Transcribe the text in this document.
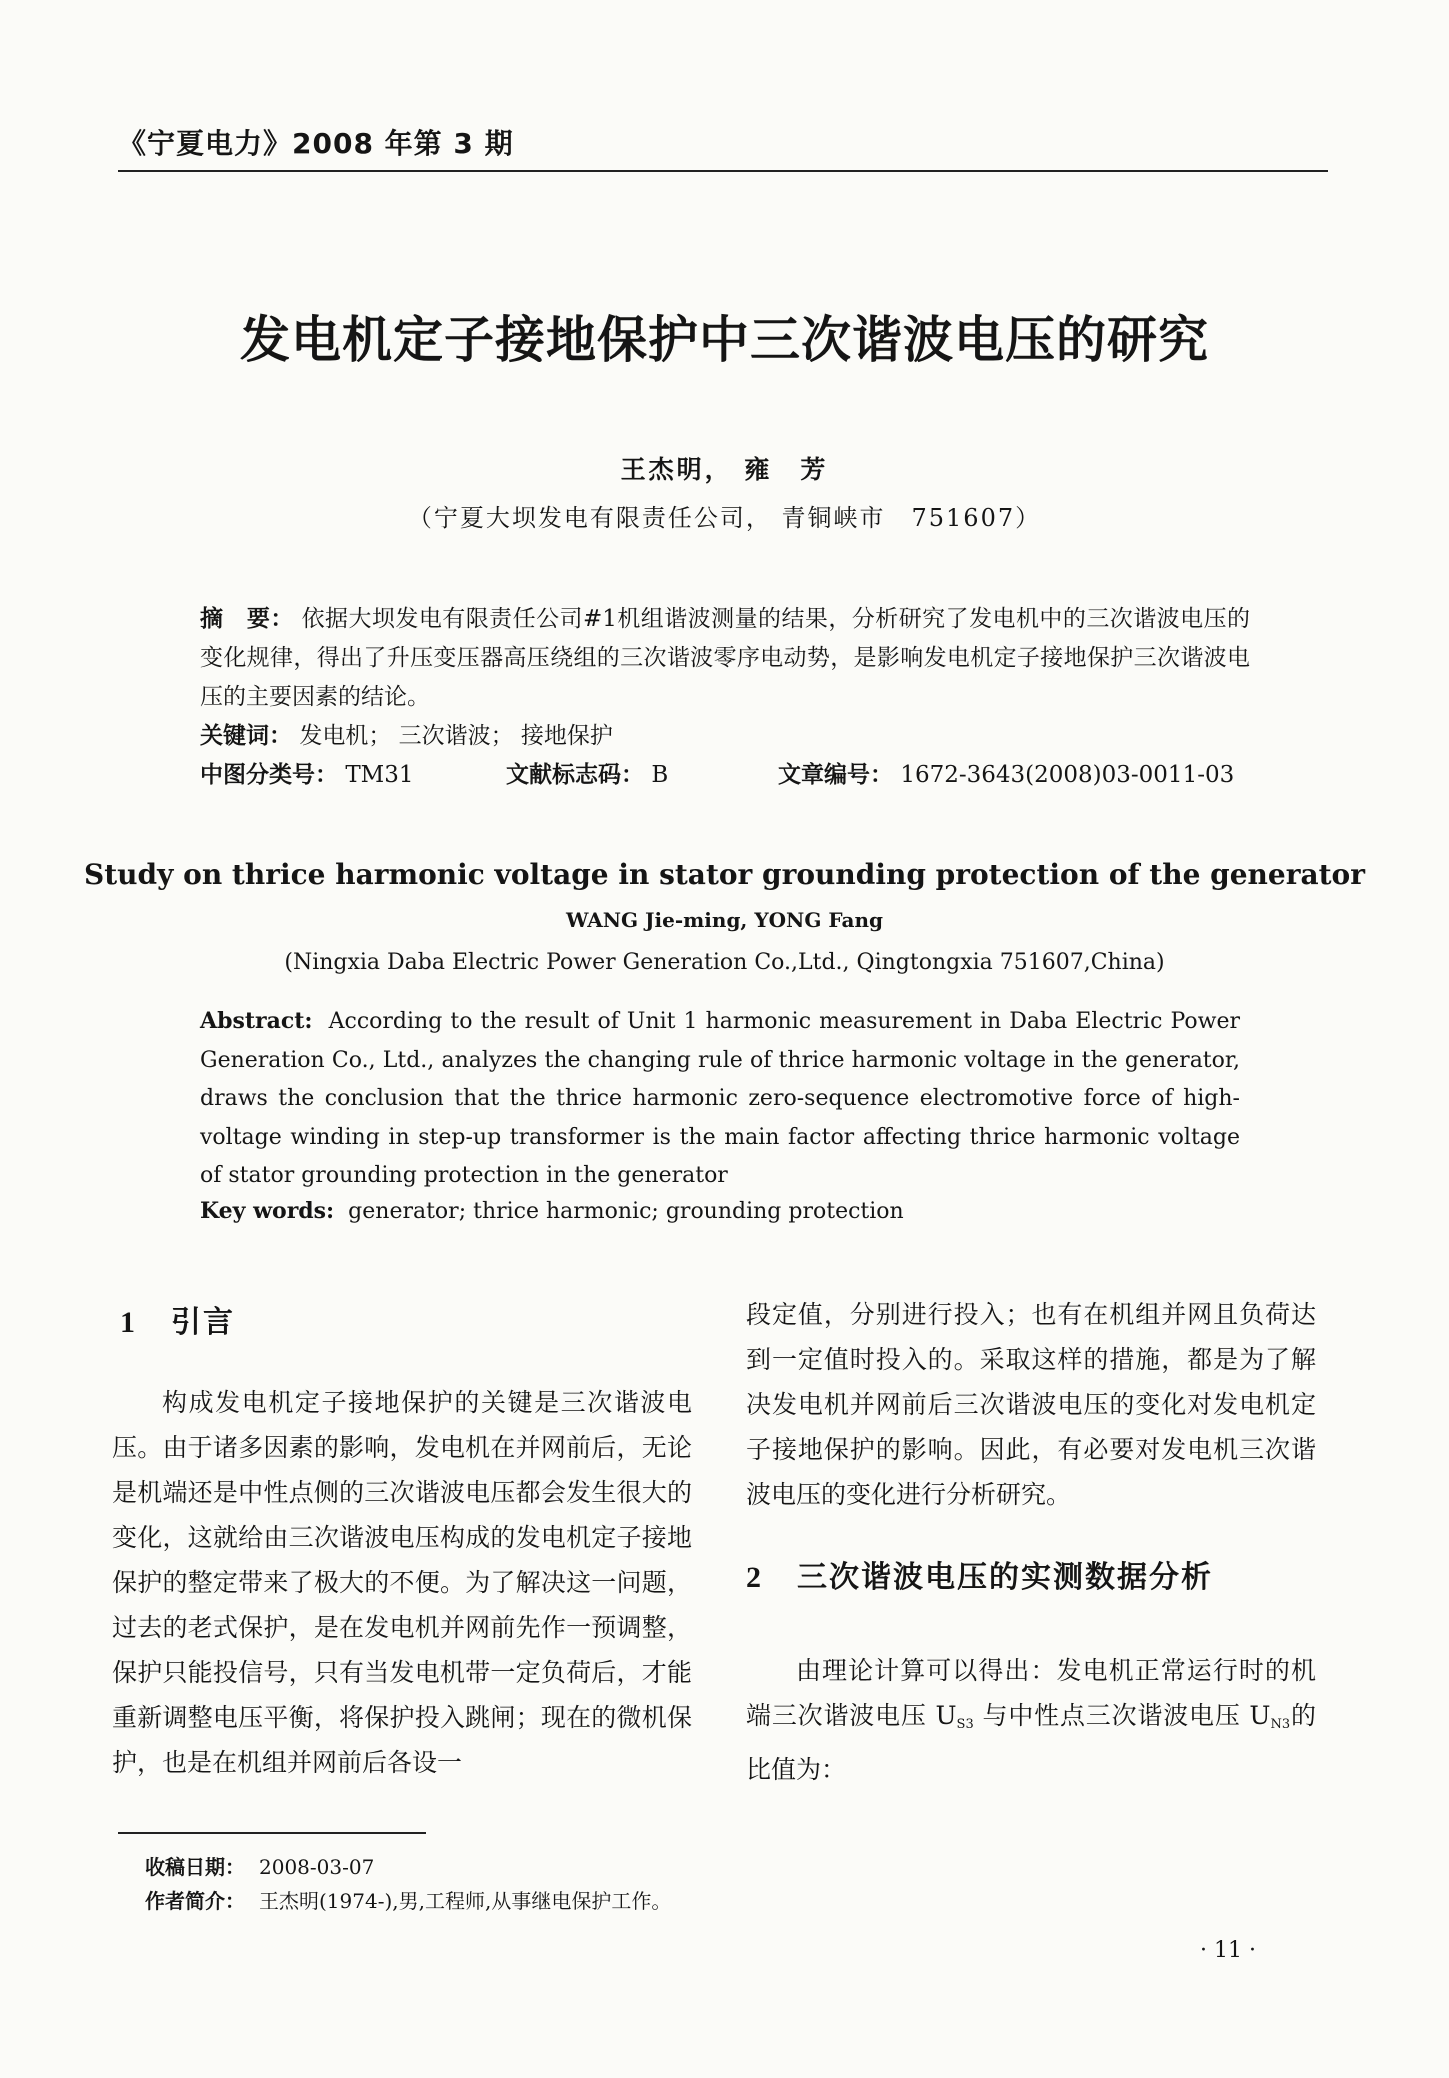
《宁夏电力》2008 年第 3 期
发电机定子接地保护中三次谐波电压的研究
王杰明， 雍　芳
（宁夏大坝发电有限责任公司， 青铜峡市　751607）
摘　要： 依据大坝发电有限责任公司#1机组谐波测量的结果，分析研究了发电机中的三次谐波电压的变化规律，得出了升压变压器高压绕组的三次谐波零序电动势，是影响发电机定子接地保护三次谐波电压的主要因素的结论。
关键词： 发电机； 三次谐波； 接地保护
中图分类号： TM31	文献标志码： B	文章编号： 1672-3643(2008)03-0011-03
Study on thrice harmonic voltage in stator grounding protection of the generator
WANG Jie-ming, YONG Fang
(Ningxia Daba Electric Power Generation Co.,Ltd., Qingtongxia 751607,China)
Abstract: According to the result of Unit 1 harmonic measurement in Daba Electric Power Generation Co., Ltd., analyzes the changing rule of thrice harmonic voltage in the generator, draws the conclusion that the thrice harmonic zero-sequence electromotive force of high-voltage winding in step-up transformer is the main factor affecting thrice harmonic voltage of stator grounding protection in the generator
Key words: generator; thrice harmonic; grounding protection
1 引言
构成发电机定子接地保护的关键是三次谐波电压。由于诸多因素的影响，发电机在并网前后，无论是机端还是中性点侧的三次谐波电压都会发生很大的变化，这就给由三次谐波电压构成的发电机定子接地保护的整定带来了极大的不便。为了解决这一问题，过去的老式保护，是在发电机并网前先作一预调整，保护只能投信号，只有当发电机带一定负荷后，才能重新调整电压平衡，将保护投入跳闸；现在的微机保护，也是在机组并网前后各设一
段定值，分别进行投入；也有在机组并网且负荷达到一定值时投入的。采取这样的措施，都是为了解决发电机并网前后三次谐波电压的变化对发电机定子接地保护的影响。因此，有必要对发电机三次谐波电压的变化进行分析研究。
2 三次谐波电压的实测数据分析
由理论计算可以得出：发电机正常运行时的机端三次谐波电压 $U_{S3}$ 与中性点三次谐波电压 $U_{N3}$的比值为：
收稿日期： 2008-03-07
作者简介： 王杰明(1974-),男,工程师,从事继电保护工作。
· 11 ·
